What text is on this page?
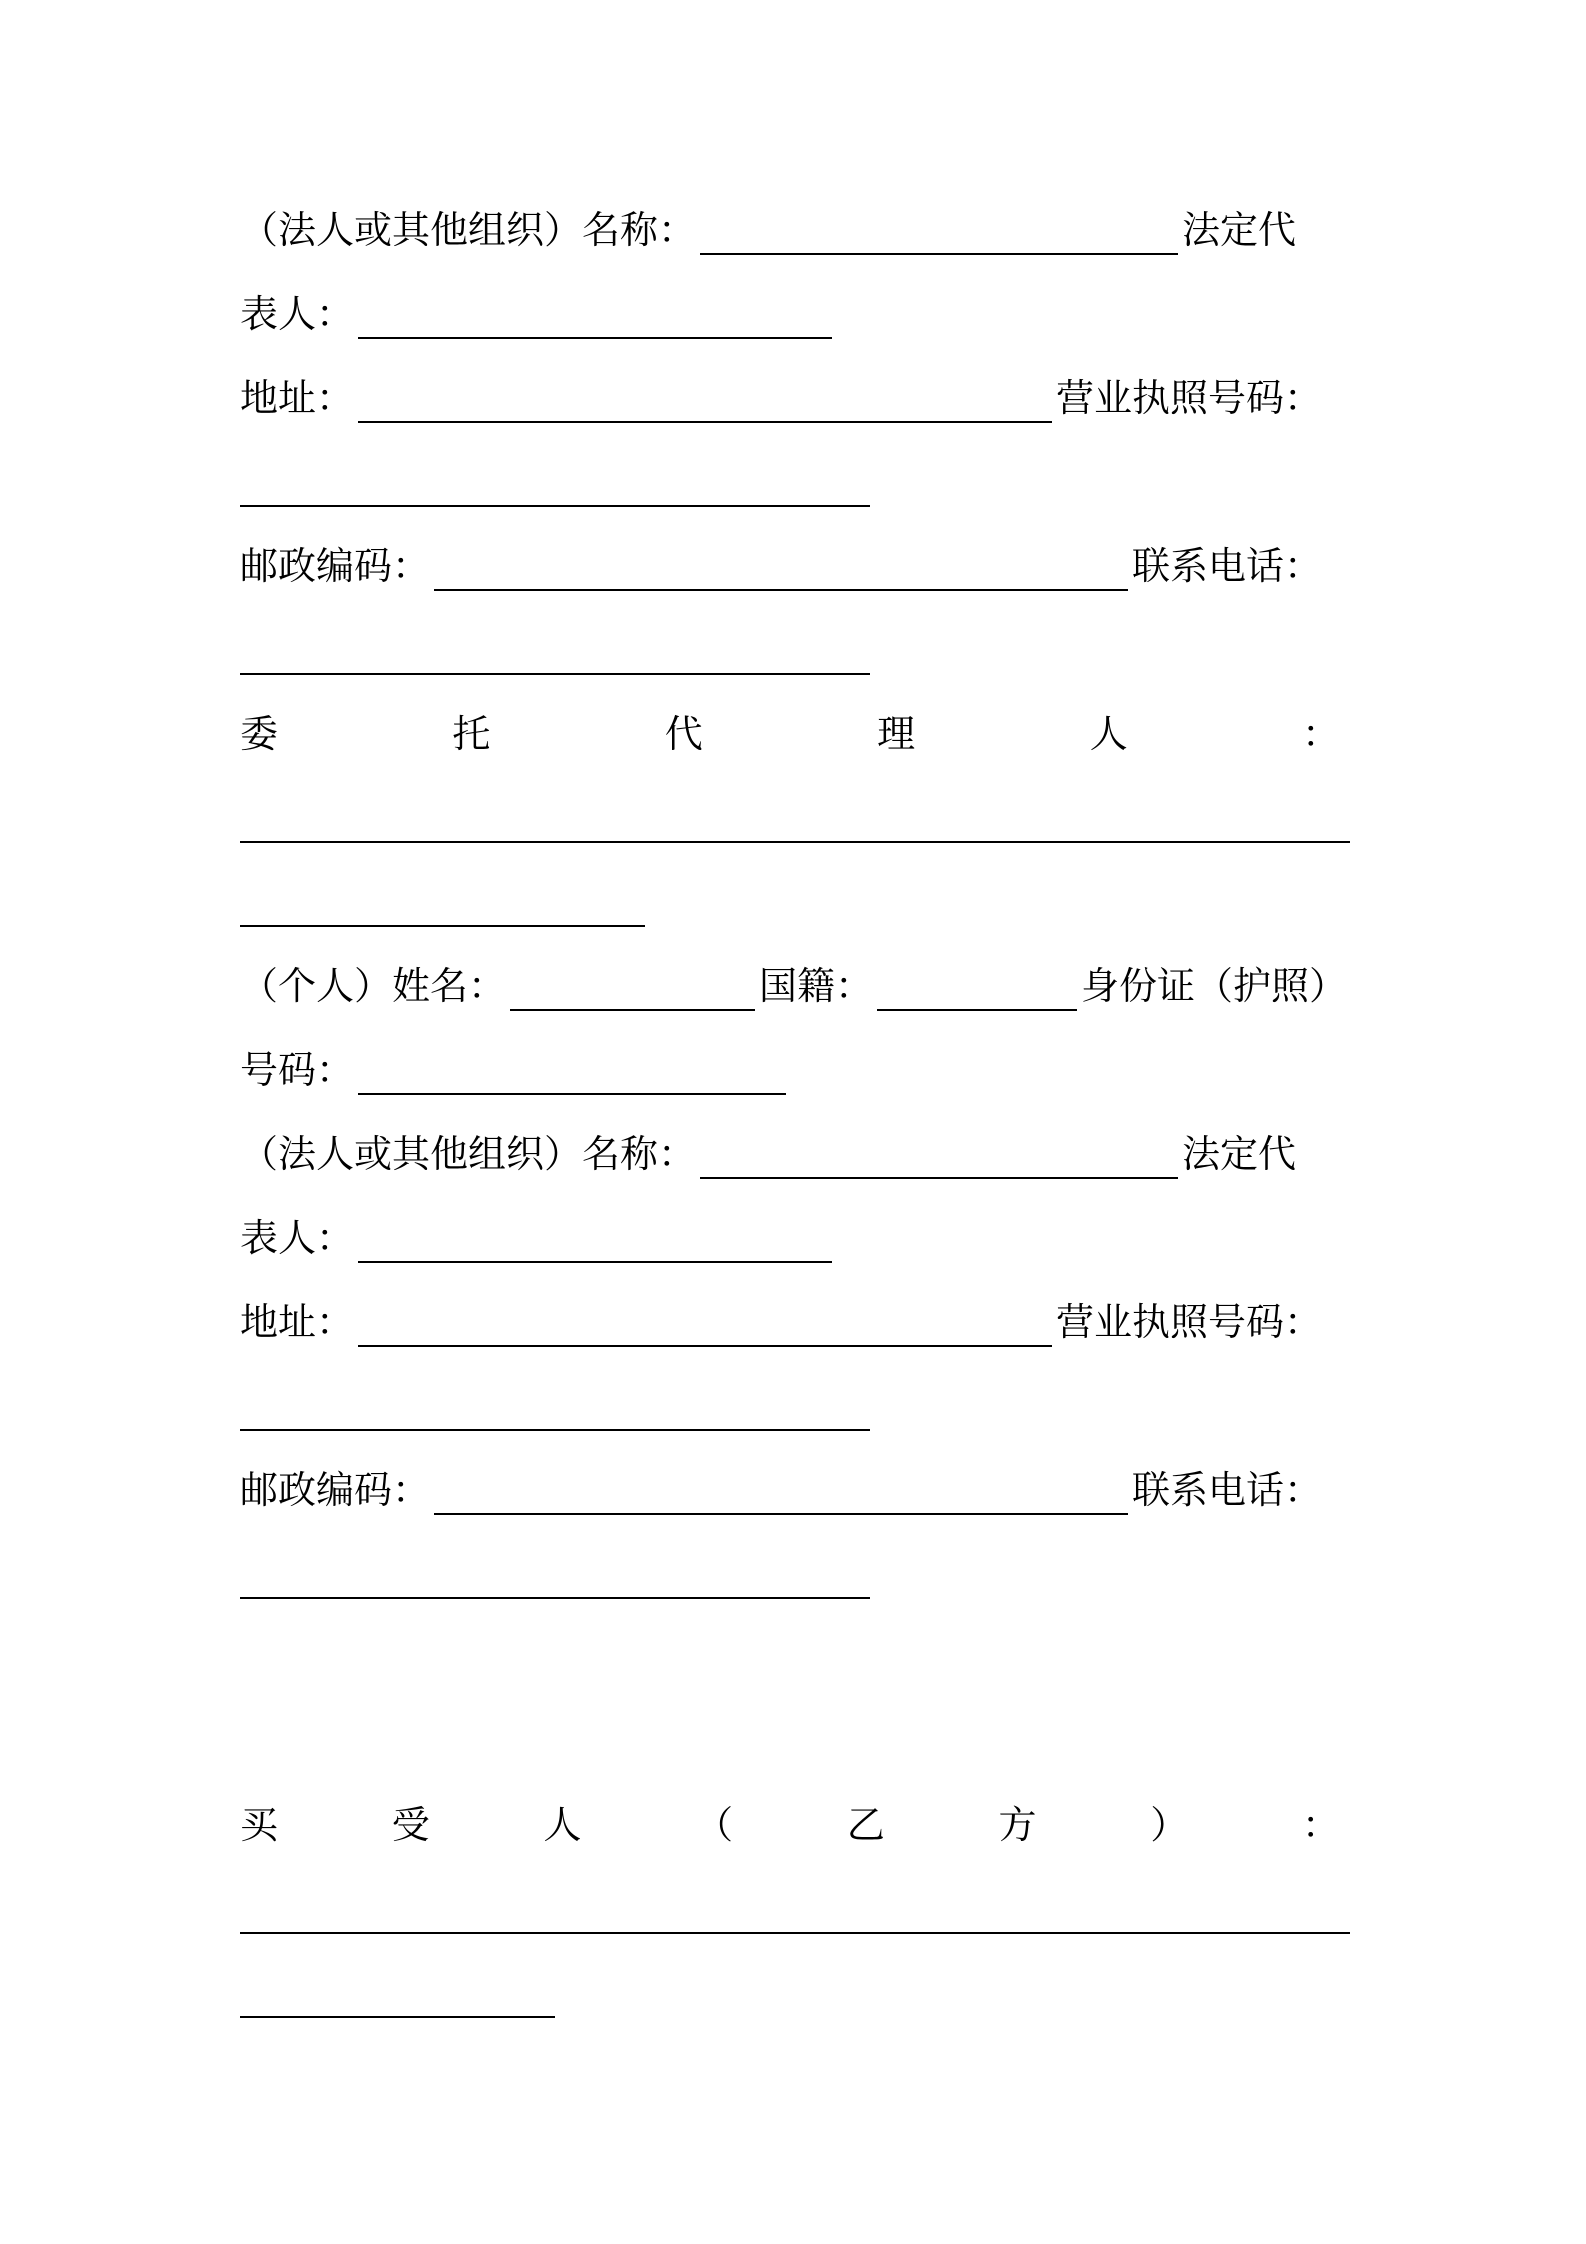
（法人或其他组织）名称：	法定代
表人：
地址：	营业执照号码：
邮政编码：	联系电话：
委	托	代	理	人	：
（个人）姓名：	国籍：	身份证（护照）
号码：
（法人或其他组织）名称：	法定代
表人：
地址：	营业执照号码：
邮政编码：	联系电话：
买	受	人	（	乙	方	）	：
